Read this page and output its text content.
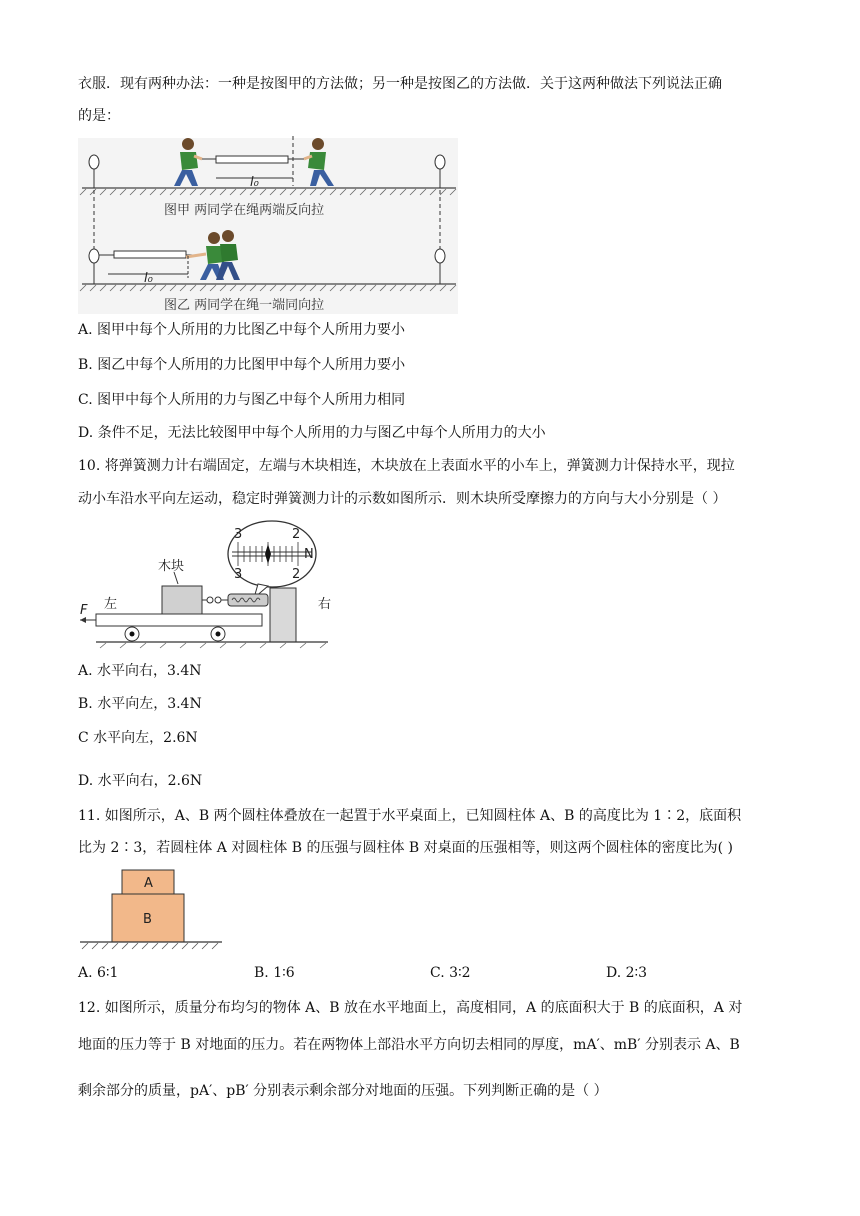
衣服．现有两种办法：一种是按图甲的方法做；另一种是按图乙的方法做．关于这两种做法下列说法正确
的是：
l₀
图甲 两同学在绳两端反向拉
l₀
图乙 两同学在绳一端同向拉
A. 图甲中每个人所用的力比图乙中每个人所用力要小
B. 图乙中每个人所用的力比图甲中每个人所用力要小
C. 图甲中每个人所用的力与图乙中每个人所用力相同
D. 条件不足，无法比较图甲中每个人所用的力与图乙中每个人所用力的大小
10. 将弹簧测力计右端固定，左端与木块相连，木块放在上表面水平的小车上，弹簧测力计保持水平，现拉
动小车沿水平向左运动，稳定时弹簧测力计的示数如图所示．则木块所受摩擦力的方向与大小分别是（ ）
3	2
3	2
N
木块
左	右
F
A. 水平向右，3.4N
B. 水平向左，3.4N
C 水平向左，2.6N
D. 水平向右，2.6N
11. 如图所示，A、B 两个圆柱体叠放在一起置于水平桌面上，已知圆柱体 A、B 的高度比为 1∶2，底面积
比为 2∶3，若圆柱体 A 对圆柱体 B 的压强与圆柱体 B 对桌面的压强相等，则这两个圆柱体的密度比为( )
A
B
A. 6∶1	B. 1∶6	C. 3∶2	D. 2∶3
12. 如图所示，质量分布均匀的物体 A、B 放在水平地面上，高度相同，A 的底面积大于 B 的底面积，A 对
地面的压力等于 B 对地面的压力。若在两物体上部沿水平方向切去相同的厚度，mA′、mB′ 分别表示 A、B
剩余部分的质量，pA′、pB′ 分别表示剩余部分对地面的压强。下列判断正确的是（ ）
